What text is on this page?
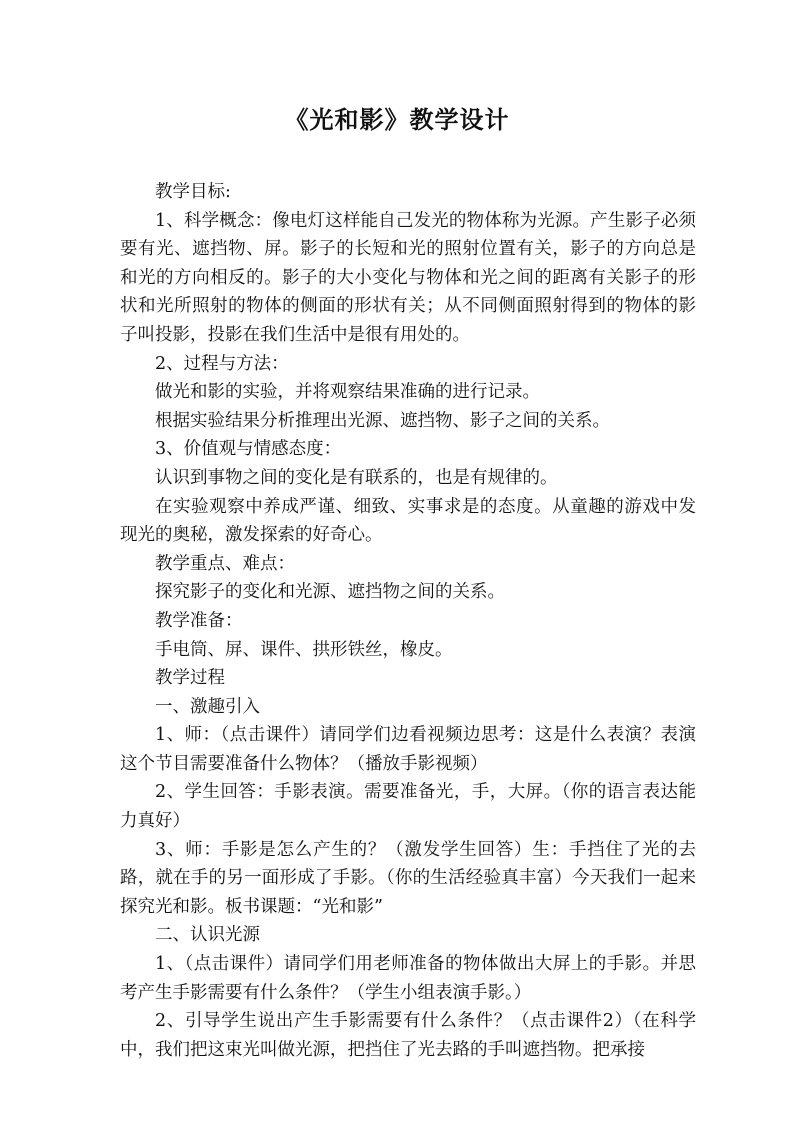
《光和影》教学设计

教学目标:

1、科学概念：像电灯这样能自己发光的物体称为光源。产生影子必须要有光、遮挡物、屏。影子的长短和光的照射位置有关，影子的方向总是和光的方向相反的。影子的大小变化与物体和光之间的距离有关影子的形状和光所照射的物体的侧面的形状有关；从不同侧面照射得到的物体的影子叫投影，投影在我们生活中是很有用处的。

2、过程与方法：

做光和影的实验，并将观察结果准确的进行记录。

根据实验结果分析推理出光源、遮挡物、影子之间的关系。

3、价值观与情感态度：

认识到事物之间的变化是有联系的，也是有规律的。

在实验观察中养成严谨、细致、实事求是的态度。从童趣的游戏中发现光的奥秘，激发探索的好奇心。

教学重点、难点：

探究影子的变化和光源、遮挡物之间的关系。

教学准备：

手电筒、屏、课件、拱形铁丝，橡皮。

教学过程

一、激趣引入

1、师：（点击课件）请同学们边看视频边思考：这是什么表演？表演这个节目需要准备什么物体？（播放手影视频）

2、学生回答：手影表演。需要准备光，手，大屏。（你的语言表达能力真好）

3、师：手影是怎么产生的？（激发学生回答）生：手挡住了光的去路，就在手的另一面形成了手影。（你的生活经验真丰富）今天我们一起来探究光和影。板书课题：“光和影”

二、认识光源

1、（点击课件）请同学们用老师准备的物体做出大屏上的手影。并思考产生手影需要有什么条件？（学生小组表演手影。）

2、引导学生说出产生手影需要有什么条件？（点击课件2）（在科学中，我们把这束光叫做光源，把挡住了光去路的手叫遮挡物。把承接
